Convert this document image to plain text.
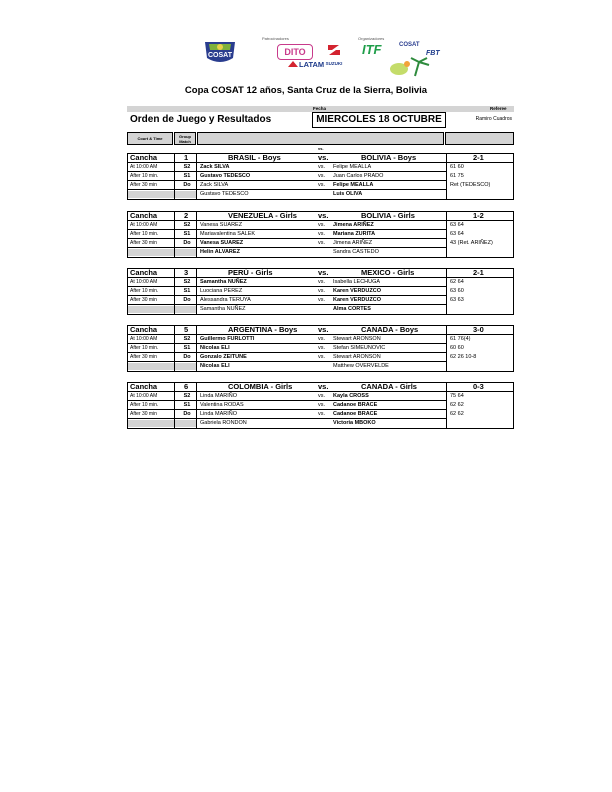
COSAT
Patrocinadores	Organizadores
DITO
SUZUKI
LATAM
ITF	COSAT
FBT
Copa COSAT 12 años, Santa Cruz de la Sierra, Bolivia
Fecha	Referee
Orden de Juego y Resultados	MIERCOLES 18 OCTUBRE	Ramiro Cuadros
Court & Time	Group Match
vs.
Cancha	1	BRASIL - Boys	vs.	BOLIVIA - Boys	2-1
At 10:00 AM	S2	Zack SILVA	vs. Felipe MEALLA	61 60
After 10 min.	S1	Gustavo TEDESCO	vs. Juan Carlos PRADO	61 75
After 30 min	Do	Zack SILVA	vs. Felipe MEALLA	Ret (TEDESCO)
Gustavo TEDESCO	Luis OLIVA
Cancha	2	VENEZUELA - Girls	vs.	BOLIVIA - Girls	1-2
At 10:00 AM	S2	Vanesa SUAREZ	vs. Jimena ARIÑEZ	63 64
After 10 min.	S1	Mariavalentina SALEK	vs. Mariana ZURITA	63 64
After 30 min	Do	Vanesa SUAREZ	vs. Jimena ARIÑEZ	43 (Ret. ARIÑEZ)
Helin ALVAREZ	Sandra CASTEDO
Cancha	3	PERÚ - Girls	vs.	MEXICO - Girls	2-1
At 10:00 AM	S2	Samantha NUÑEZ	vs. Isabella LECHUGA	62 64
After 10 min.	S1	Luociana PEREZ	vs. Karen VERDUZCO	63 60
After 30 min	Do	Alessandra TERUYA	vs. Karen VERDUZCO	63 63
Samantha NUÑEZ	Alma CORTES
Cancha	5	ARGENTINA - Boys	vs.	CANADA - Boys	3-0
At 10:00 AM	S2	Guillermo FURLOTTI	vs. Stewart ARONSON	61 76(4)
After 10 min.	S1	Nicolas ELI	vs. Stefan SIMEUNOVIC	60 60
After 30 min	Do	Gonzalo ZEITUNE	vs. Stewart ARONSON	62 26 10-8
Nicolas ELI	Matthew OVERVELDE
Cancha	6	COLOMBIA - Girls	vs.	CANADA - Girls	0-3
At 10:00 AM	S2	Linda MARIÑO	vs. Kayla CROSS	75 64
After 10 min.	S1	Valentina RODAS	vs. Cadanoe BRACE	62 62
After 30 min	Do	Linda MARIÑO	vs. Cadanoe BRACE	62 62
Gabriela RONDON	Victoria MBOKO
